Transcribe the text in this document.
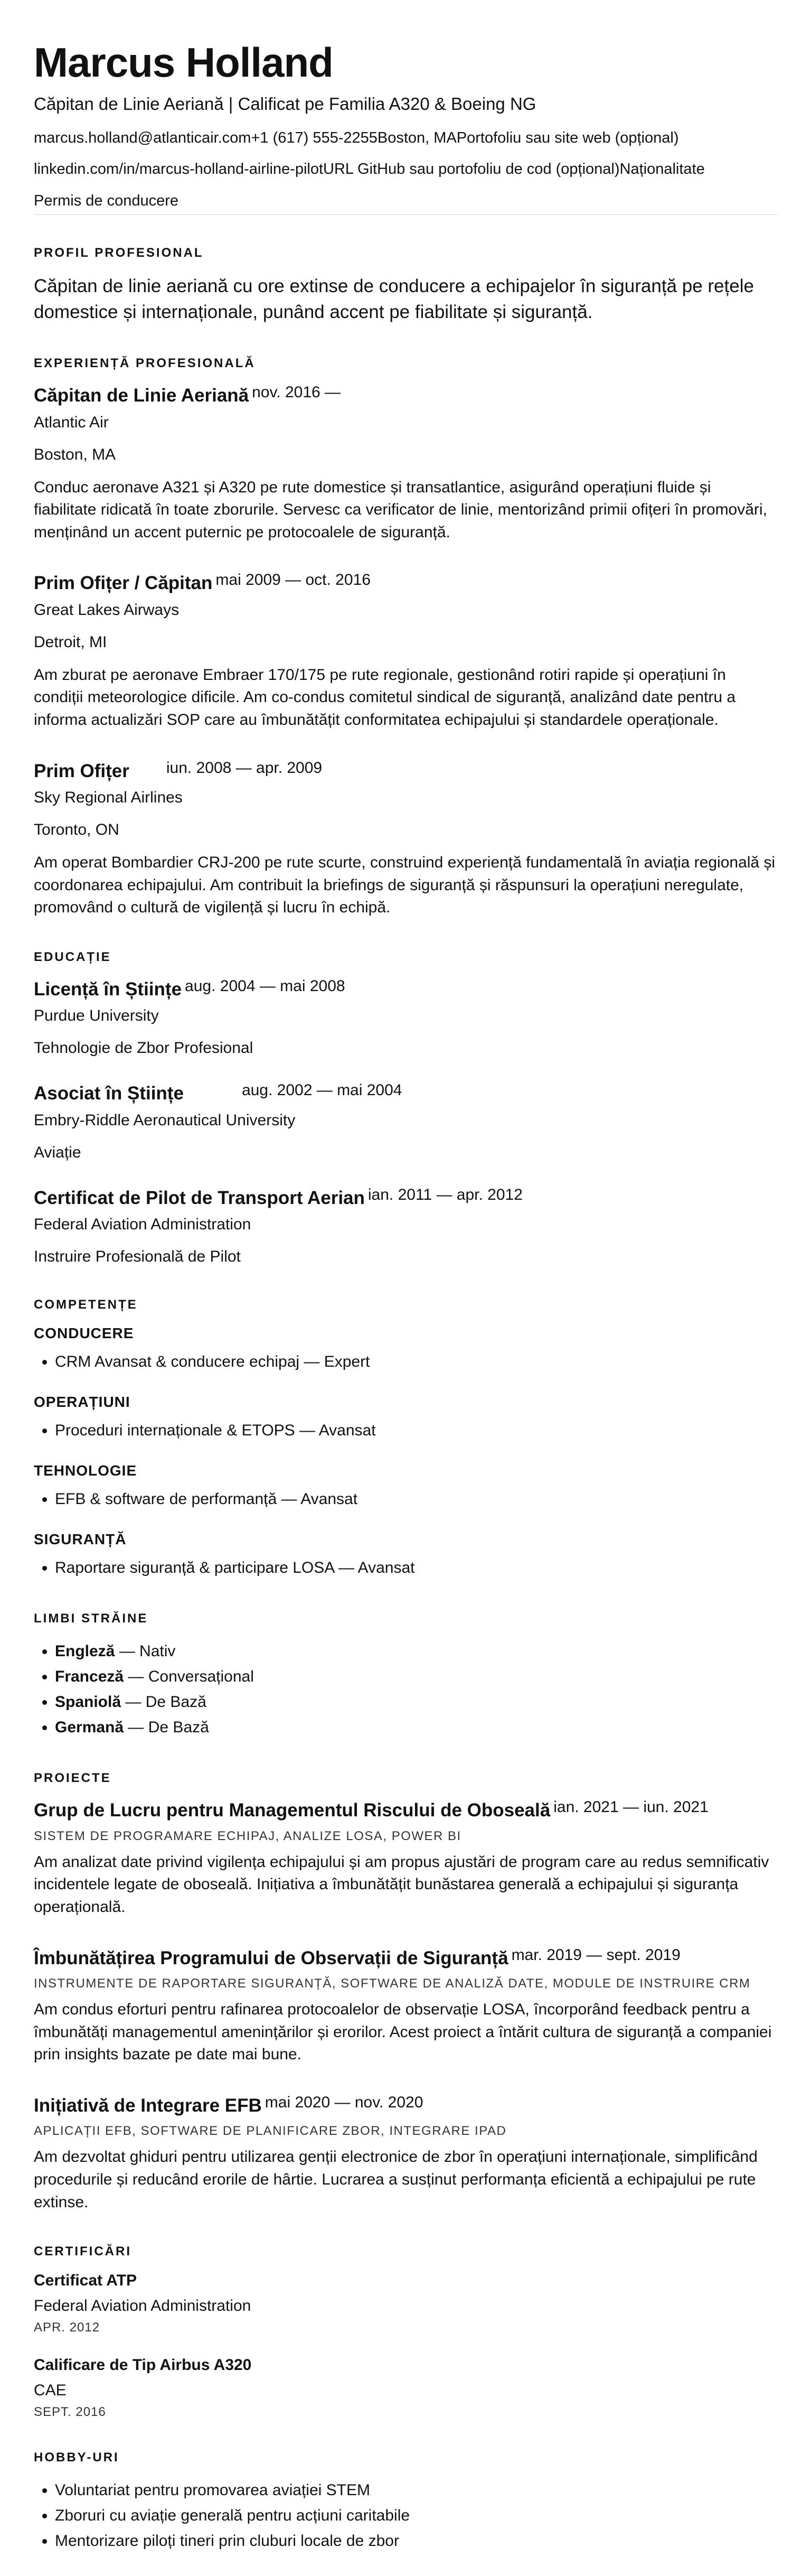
Marcus Holland
Căpitan de Linie Aeriană | Calificat pe Familia A320 & Boeing NG
marcus.holland@atlanticair.com+1 (617) 555-2255Boston, MAPortofoliu sau site web (opțional)
linkedin.com/in/marcus-holland-airline-pilotURL GitHub sau portofoliu de cod (opțional)Naționalitate
Permis de conducere
PROFIL PROFESIONAL
Căpitan de linie aeriană cu ore extinse de conducere a echipajelor în siguranță pe rețele domestice și internaționale, punând accent pe fiabilitate și siguranță.
EXPERIENȚĂ PROFESIONALĂ
Căpitan de Linie Aeriană nov. 2016 —
Atlantic Air
Boston, MA
Conduc aeronave A321 și A320 pe rute domestice și transatlantice, asigurând operațiuni fluide și fiabilitate ridicată în toate zborurile. Servesc ca verificator de linie, mentorizând primii ofițeri în promovări, menținând un accent puternic pe protocoalele de siguranță.
Prim Ofițer / Căpitan mai 2009 — oct. 2016
Great Lakes Airways
Detroit, MI
Am zburat pe aeronave Embraer 170/175 pe rute regionale, gestionând rotiri rapide și operațiuni în condiții meteorologice dificile. Am co-condus comitetul sindical de siguranță, analizând date pentru a informa actualizări SOP care au îmbunătățit conformitatea echipajului și standardele operaționale.
Prim Ofițer iun. 2008 — apr. 2009
Sky Regional Airlines
Toronto, ON
Am operat Bombardier CRJ-200 pe rute scurte, construind experiență fundamentală în aviația regională și coordonarea echipajului. Am contribuit la briefings de siguranță și răspunsuri la operațiuni neregulate, promovând o cultură de vigilență și lucru în echipă.
EDUCAȚIE
Licență în Științe aug. 2004 — mai 2008
Purdue University
Tehnologie de Zbor Profesional
Asociat în Științe	aug. 2002 — mai 2004
Embry-Riddle Aeronautical University
Aviație
Certificat de Pilot de Transport Aerian ian. 2011 — apr. 2012
Federal Aviation Administration
Instruire Profesională de Pilot
COMPETENȚE
CONDUCERE
• CRM Avansat & conducere echipaj — Expert
OPERAȚIUNI
• Proceduri internaționale & ETOPS — Avansat
TEHNOLOGIE
• EFB & software de performanță — Avansat
SIGURANȚĂ
• Raportare siguranță & participare LOSA — Avansat
LIMBI STRĂINE
• Engleză — Nativ
• Franceză — Conversațional
• Spaniolă — De Bază
• Germană — De Bază
PROIECTE
Grup de Lucru pentru Managementul Riscului de Oboseală ian. 2021 — iun. 2021
SISTEM DE PROGRAMARE ECHIPAJ, ANALIZE LOSA, POWER BI
Am analizat date privind vigilența echipajului și am propus ajustări de program care au redus semnificativ incidentele legate de oboseală. Inițiativa a îmbunătățit bunăstarea generală a echipajului și siguranța operațională.
Îmbunătățirea Programului de Observații de Siguranță mar. 2019 — sept. 2019
INSTRUMENTE DE RAPORTARE SIGURANȚĂ, SOFTWARE DE ANALIZĂ DATE, MODULE DE INSTRUIRE CRM
Am condus eforturi pentru rafinarea protocoalelor de observație LOSA, încorporând feedback pentru a îmbunătăți managementul amenințărilor și erorilor. Acest proiect a întărit cultura de siguranță a companiei prin insights bazate pe date mai bune.
Inițiativă de Integrare EFB mai 2020 — nov. 2020
APLICAȚII EFB, SOFTWARE DE PLANIFICARE ZBOR, INTEGRARE IPAD
Am dezvoltat ghiduri pentru utilizarea genții electronice de zbor în operațiuni internaționale, simplificând procedurile și reducând erorile de hârtie. Lucrarea a susținut performanța eficientă a echipajului pe rute extinse.
CERTIFICĂRI
Certificat ATP
Federal Aviation Administration
APR. 2012
Calificare de Tip Airbus A320
CAE
SEPT. 2016
HOBBY-URI
• Voluntariat pentru promovarea aviației STEM
• Zboruri cu aviație generală pentru acțiuni caritabile
• Mentorizare piloți tineri prin cluburi locale de zbor
